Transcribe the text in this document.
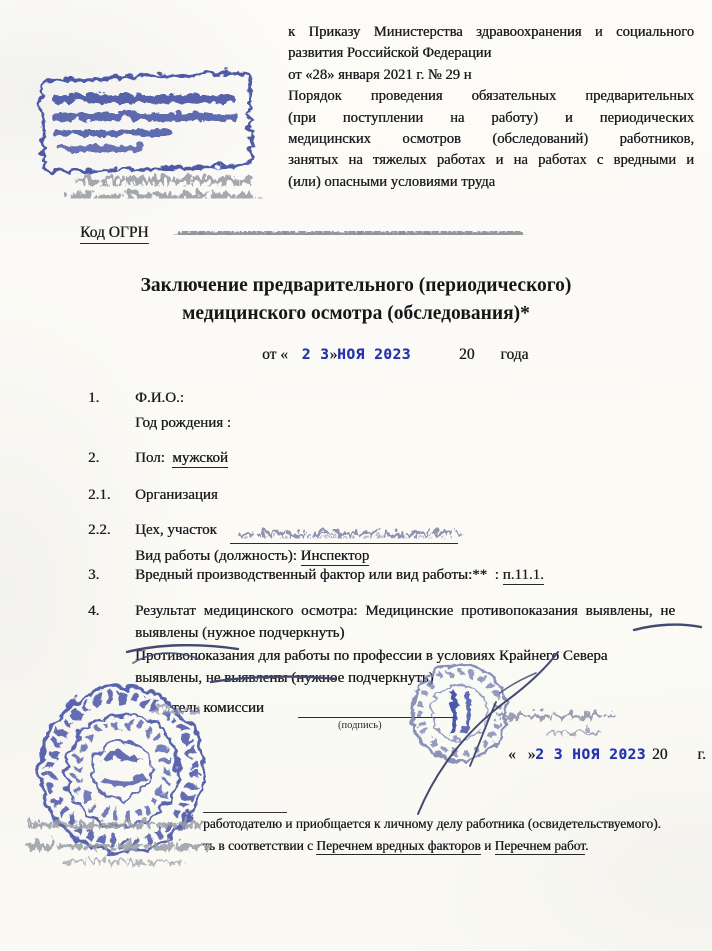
к Приказу Министерства здравоохранения и социального
развития Российской Федерации
от «28» января 2021 г. № 29 н
Порядок проведения обязательных предварительных
(при поступлении на работу) и периодических
медицинских осмотров (обследований) работников,
занятых на тяжелых работах и на работах с вредными и
(или) опасными условиями труда
Код ОГРН
Заключение предварительного (периодического)
медицинского осмотра (обследования)*
от « 2 3»НОЯ 2023	20 года
1. Ф.И.О.:
Год рождения :
2. Пол: мужской
2.1. Организация
2.2. Цех, участок
Вид работы (должность): Инспектор
3. Вредный производственный фактор или вид работы:** : п.11.1.
4. Результат медицинского осмотра: Медицинские противопоказания выявлены, не
выявлены (нужное подчеркнуть)
Противопоказания для работы по профессии в условиях Крайнего Севера
выявлены, не выявлены (нужное подчеркнуть)
тель комиссии
(подпись)
« »2 3 НОЯ 2023 20 г.
работодателю и приобщается к личному делу работника (освидетельствуемого).
ть в соответствии с Перечнем вредных факторов и Перечнем работ.
